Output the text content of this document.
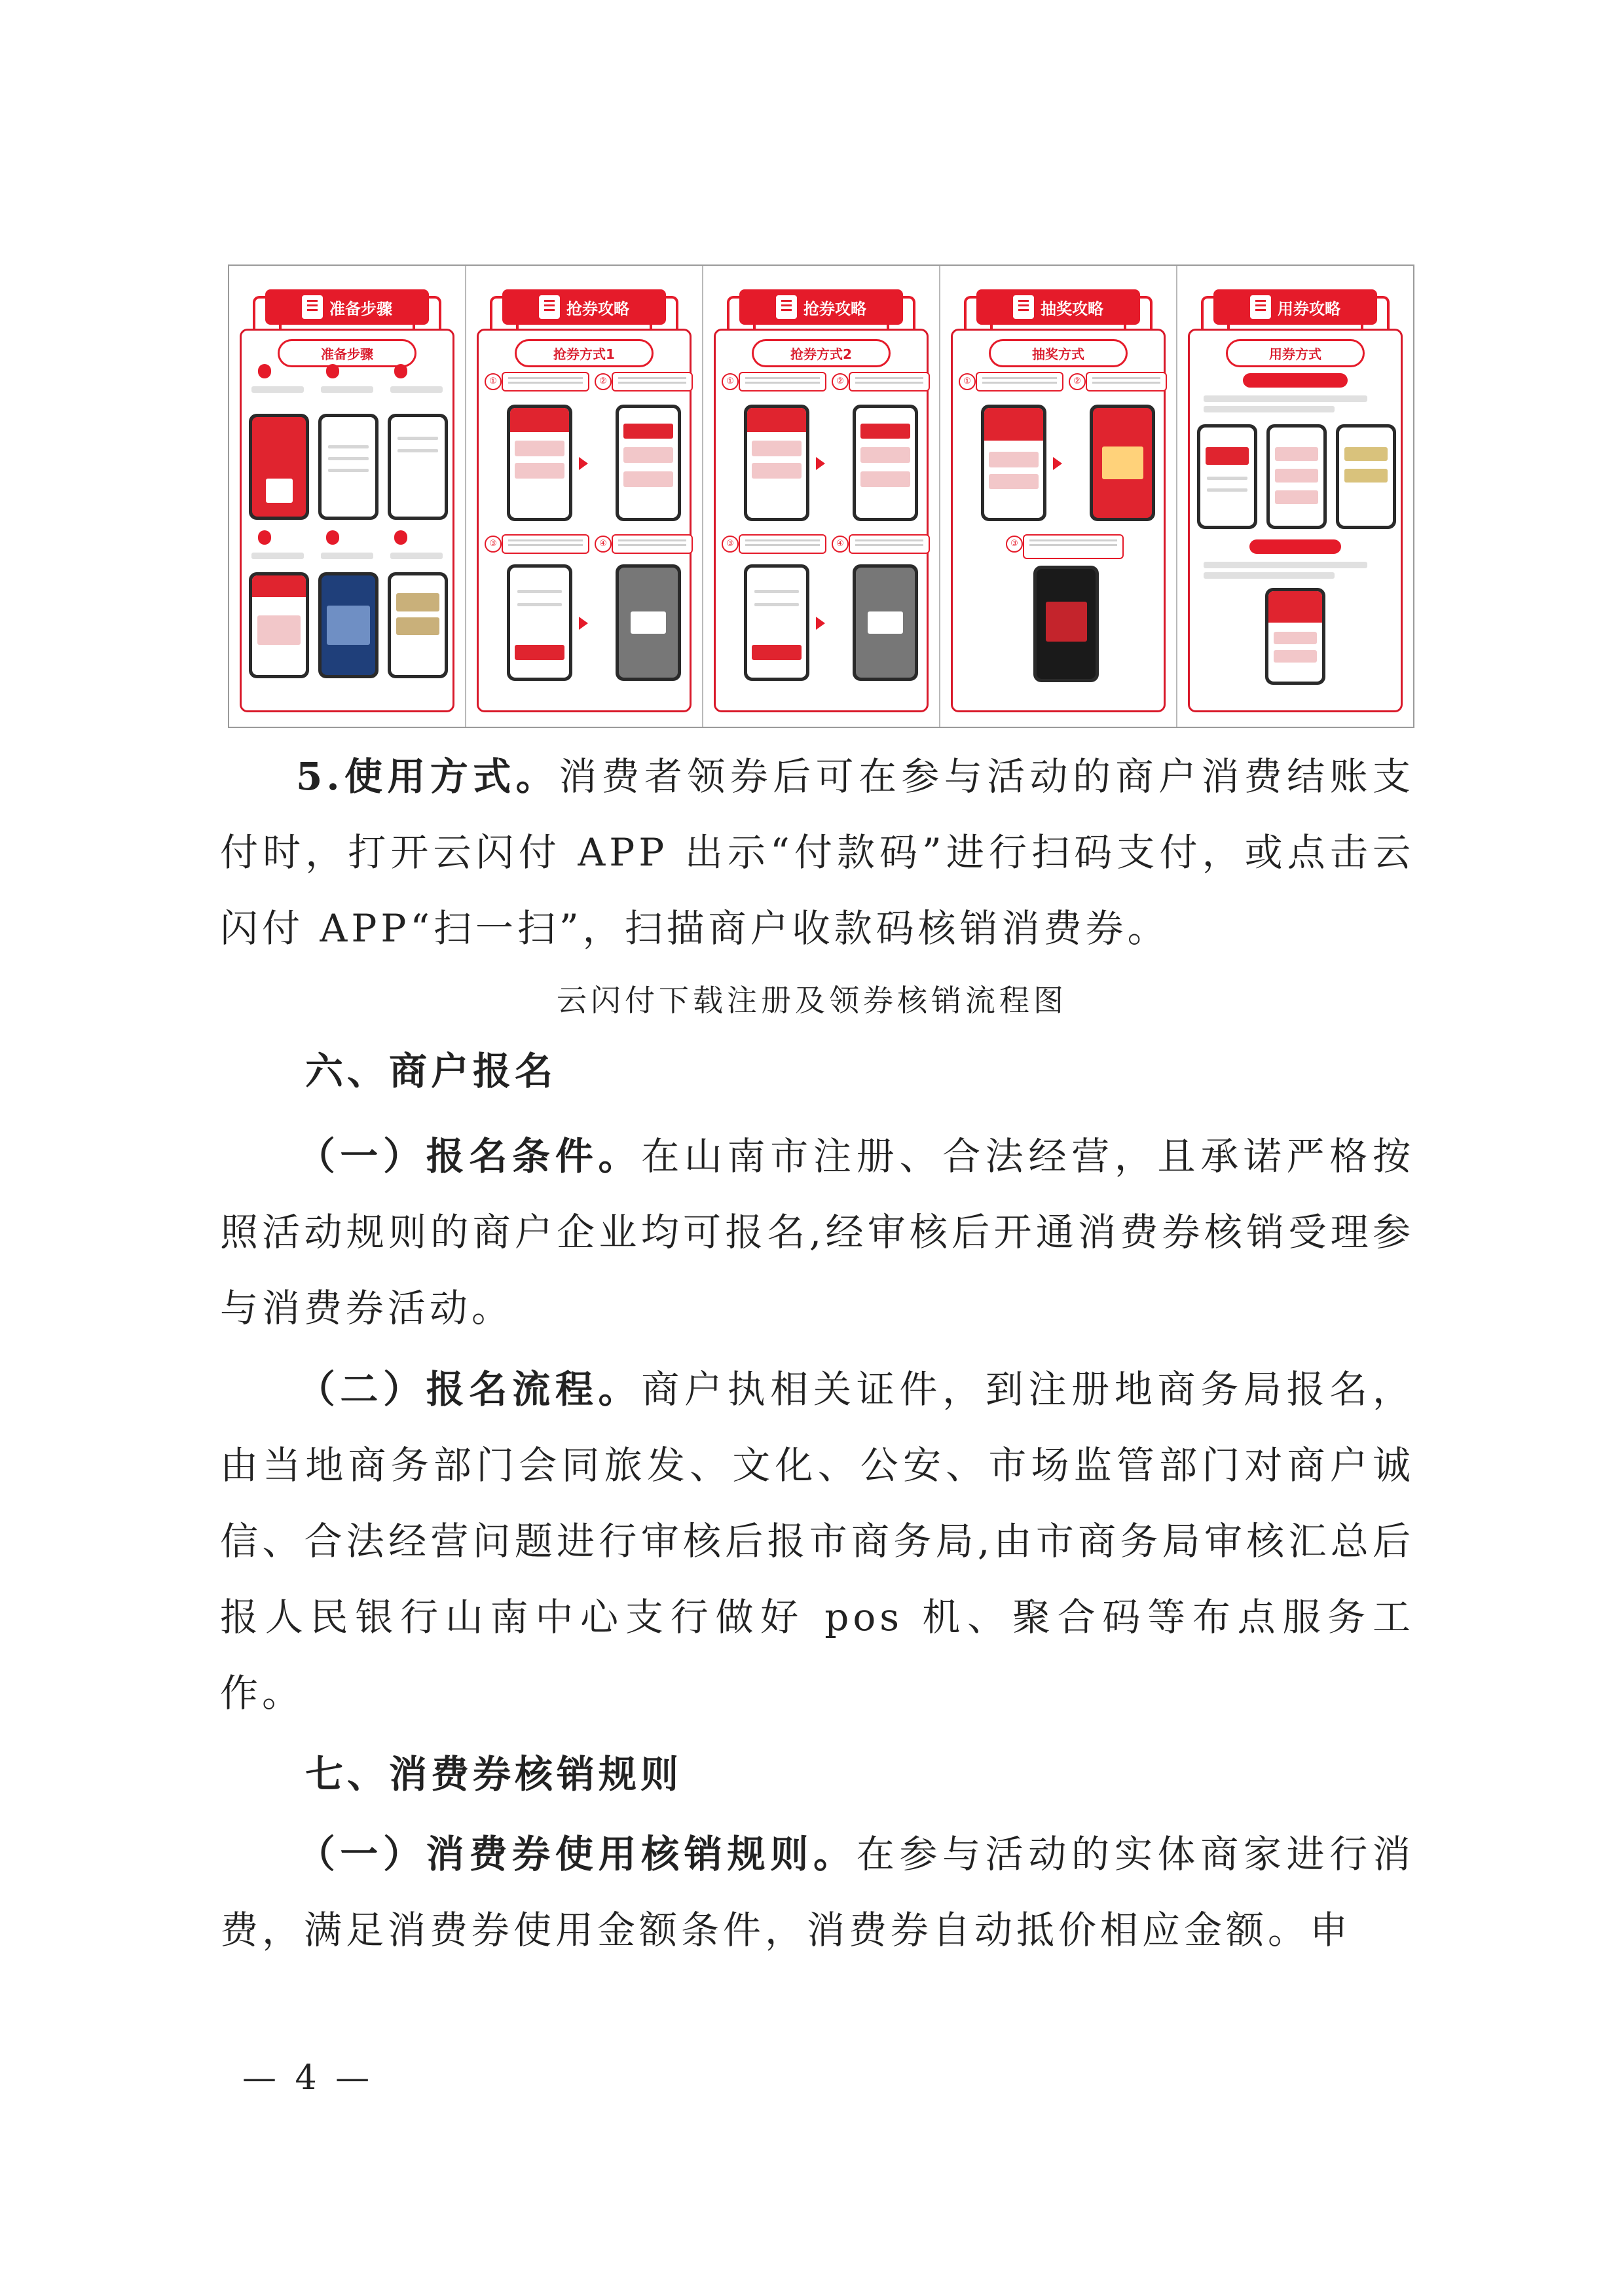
准备步骤
准备步骤
抢券攻略
抢券方式1
①	②
③	④
抢券攻略
抢券方式2
①	②
③	④
抽奖攻略
抽奖方式
①	②
③
用券攻略
用券方式
5.使用方式。消费者领券后可在参与活动的商户消费结账支付时，打开云闪付 APP 出示“付款码”进行扫码支付，或点击云闪付 APP“扫一扫”，扫描商户收款码核销消费券。
云闪付下载注册及领券核销流程图
六、商户报名
（一）报名条件。在山南市注册、合法经营，且承诺严格按照活动规则的商户企业均可报名,经审核后开通消费券核销受理参与消费券活动。
（二）报名流程。商户执相关证件，到注册地商务局报名，由当地商务部门会同旅发、文化、公安、市场监管部门对商户诚信、合法经营问题进行审核后报市商务局,由市商务局审核汇总后报人民银行山南中心支行做好 pos 机、聚合码等布点服务工作。
七、消费券核销规则
（一）消费券使用核销规则。在参与活动的实体商家进行消费，满足消费券使用金额条件，消费券自动抵价相应金额。申
— 4 —
